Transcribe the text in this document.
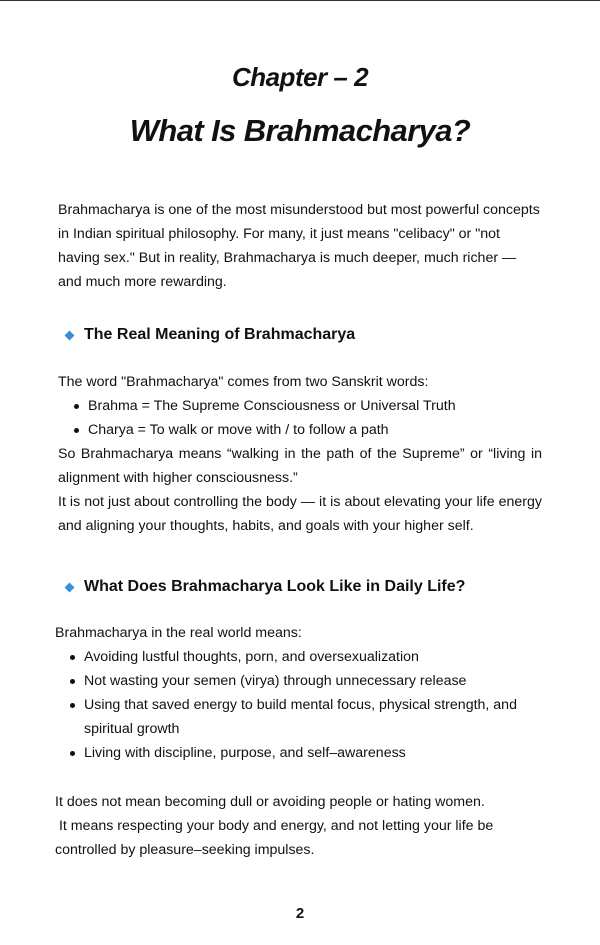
Chapter – 2
What Is Brahmacharya?

Brahmacharya is one of the most misunderstood but most powerful concepts in Indian spiritual philosophy. For many, it just means "celibacy" or "not having sex." But in reality, Brahmacharya is much deeper, much richer — and much more rewarding.

The Real Meaning of Brahmacharya

The word "Brahmacharya" comes from two Sanskrit words:

Brahma = The Supreme Consciousness or Universal Truth
Charya = To walk or move with / to follow a path

So Brahmacharya means “walking in the path of the Supreme” or “living in alignment with higher consciousness.”

It is not just about controlling the body — it is about elevating your life energy and aligning your thoughts, habits, and goals with your higher self.

What Does Brahmacharya Look Like in Daily Life?

Brahmacharya in the real world means:

Avoiding lustful thoughts, porn, and oversexualization
Not wasting your semen (virya) through unnecessary release
Using that saved energy to build mental focus, physical strength, and spiritual growth
Living with discipline, purpose, and self–awareness

It does not mean becoming dull or avoiding people or hating women.

It means respecting your body and energy, and not letting your life be controlled by pleasure–seeking impulses.

2
